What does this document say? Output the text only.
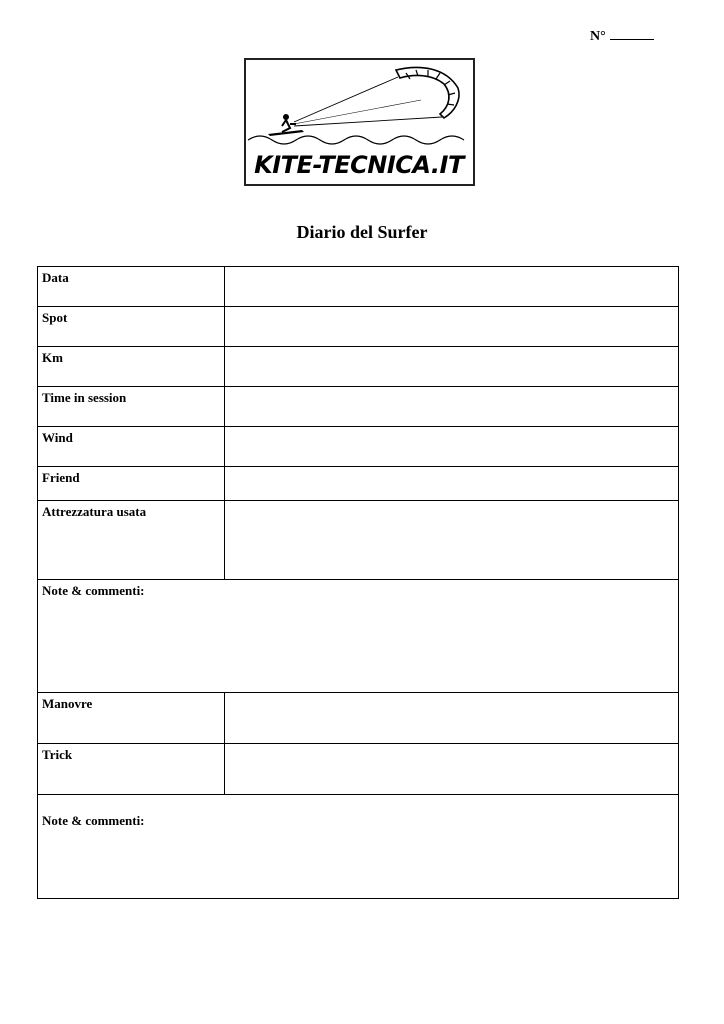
N°
KITE-TECNICA.IT
Diario del Surfer
Data	
Spot	
Km	
Time in session	
Wind	
Friend	
Attrezzatura usata	
Note & commenti:	
Manovre	
Trick	
Note & commenti:	
